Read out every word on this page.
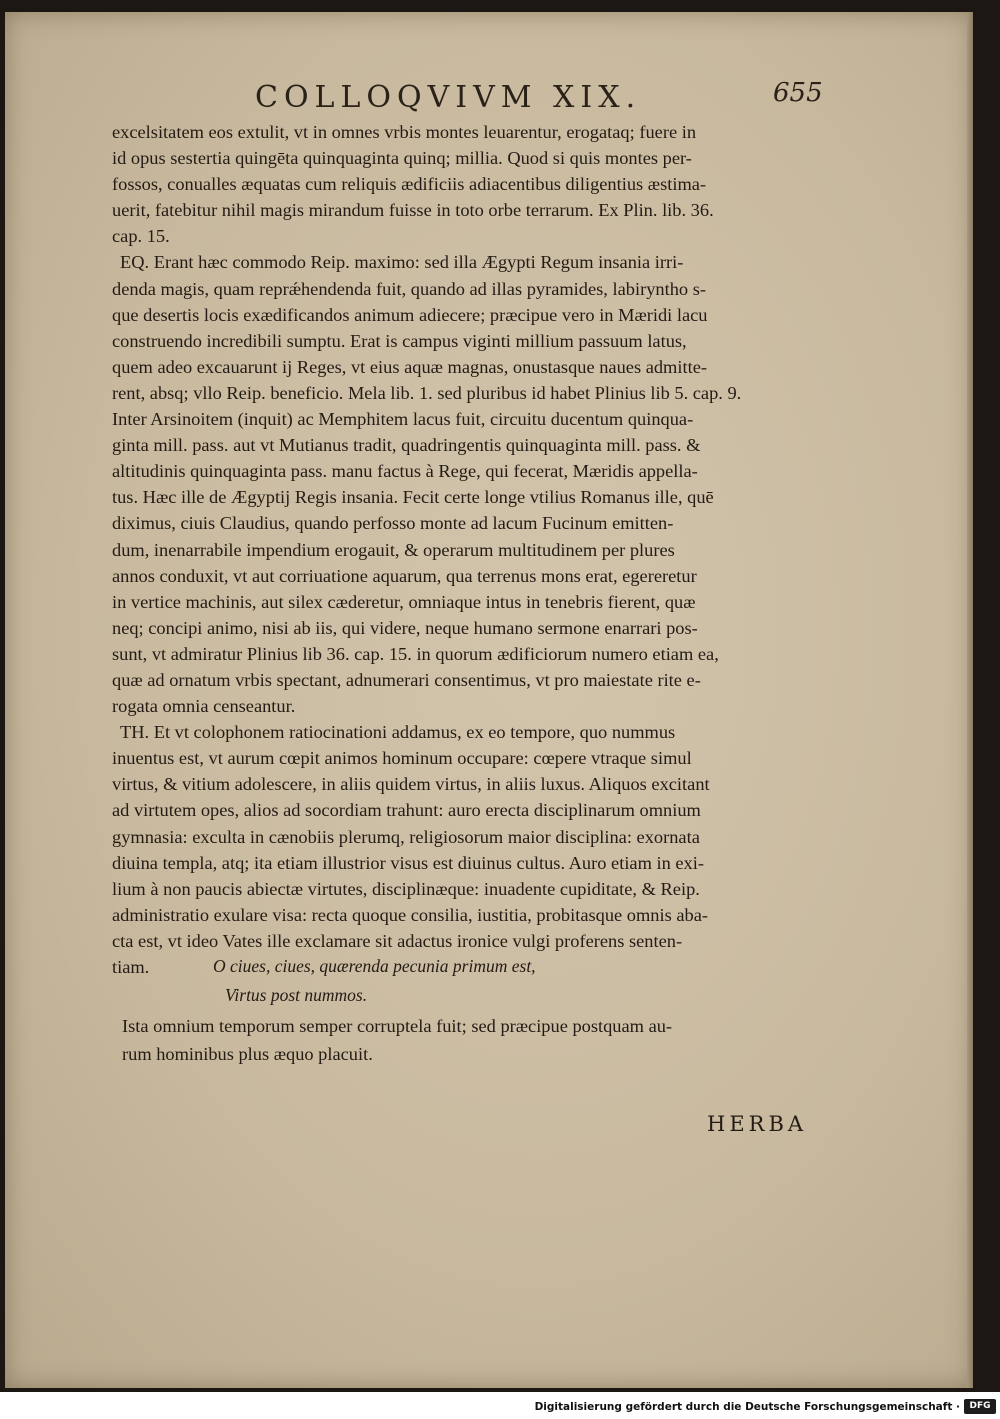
COLLOQVIVM XIX.	655
excelsitatem eos extulit, vt in omnes vrbis montes leuarentur, erogataq; fuere in
id opus sestertia quingēta quinquaginta quinq; millia. Quod si quis montes per-
fossos, conualles æquatas cum reliquis ædificiis adiacentibus diligentius æstima-
uerit, fatebitur nihil magis mirandum fuisse in toto orbe terrarum. Ex Plin. lib. 36.
cap. 15.
EQ. Erant hæc commodo Reip. maximo: sed illa Ægypti Regum insania irri-
denda magis, quam reprǽhendenda fuit, quando ad illas pyramides, labiryntho s-
que desertis locis exædificandos animum adiecere; præcipue vero in Mæridi lacu
construendo incredibili sumptu. Erat is campus viginti millium passuum latus,
quem adeo excauarunt ij Reges, vt eius aquæ magnas, onustasque naues admitte-
rent, absq; vllo Reip. beneficio. Mela lib. 1. sed pluribus id habet Plinius lib 5. cap. 9.
Inter Arsinoitem (inquit) ac Memphitem lacus fuit, circuitu ducentum quinqua-
ginta mill. pass. aut vt Mutianus tradit, quadringentis quinquaginta mill. pass. &
altitudinis quinquaginta pass. manu factus à Rege, qui fecerat, Mæridis appella-
tus. Hæc ille de Ægyptij Regis insania. Fecit certe longe vtilius Romanus ille, quē
diximus, ciuis Claudius, quando perfosso monte ad lacum Fucinum emitten-
dum, inenarrabile impendium erogauit, & operarum multitudinem per plures
annos conduxit, vt aut corriuatione aquarum, qua terrenus mons erat, egereretur
in vertice machinis, aut silex cæderetur, omniaque intus in tenebris fierent, quæ
neq; concipi animo, nisi ab iis, qui videre, neque humano sermone enarrari pos-
sunt, vt admiratur Plinius lib 36. cap. 15. in quorum ædificiorum numero etiam ea,
quæ ad ornatum vrbis spectant, adnumerari consentimus, vt pro maiestate rite e-
rogata omnia censeantur.
TH. Et vt colophonem ratiocinationi addamus, ex eo tempore, quo nummus
inuentus est, vt aurum cœpit animos hominum occupare: cœpere vtraque simul
virtus, & vitium adolescere, in aliis quidem virtus, in aliis luxus. Aliquos excitant
ad virtutem opes, alios ad socordiam trahunt: auro erecta disciplinarum omnium
gymnasia: exculta in cænobiis plerumq, religiosorum maior disciplina: exornata
diuina templa, atq; ita etiam illustrior visus est diuinus cultus. Auro etiam in exi-
lium à non paucis abiectæ virtutes, disciplinæque: inuadente cupiditate, & Reip.
administratio exulare visa: recta quoque consilia, iustitia, probitasque omnis aba-
cta est, vt ideo Vates ille exclamare sit adactus ironice vulgi proferens senten-
tiam.	O ciues, ciues, quærenda pecunia primum est,
Virtus post nummos.
Ista omnium temporum semper corruptela fuit; sed præcipue postquam au-
rum hominibus plus æquo placuit.
HERBA
Digitalisierung gefördert durch die Deutsche Forschungsgemeinschaft ·	DFG
